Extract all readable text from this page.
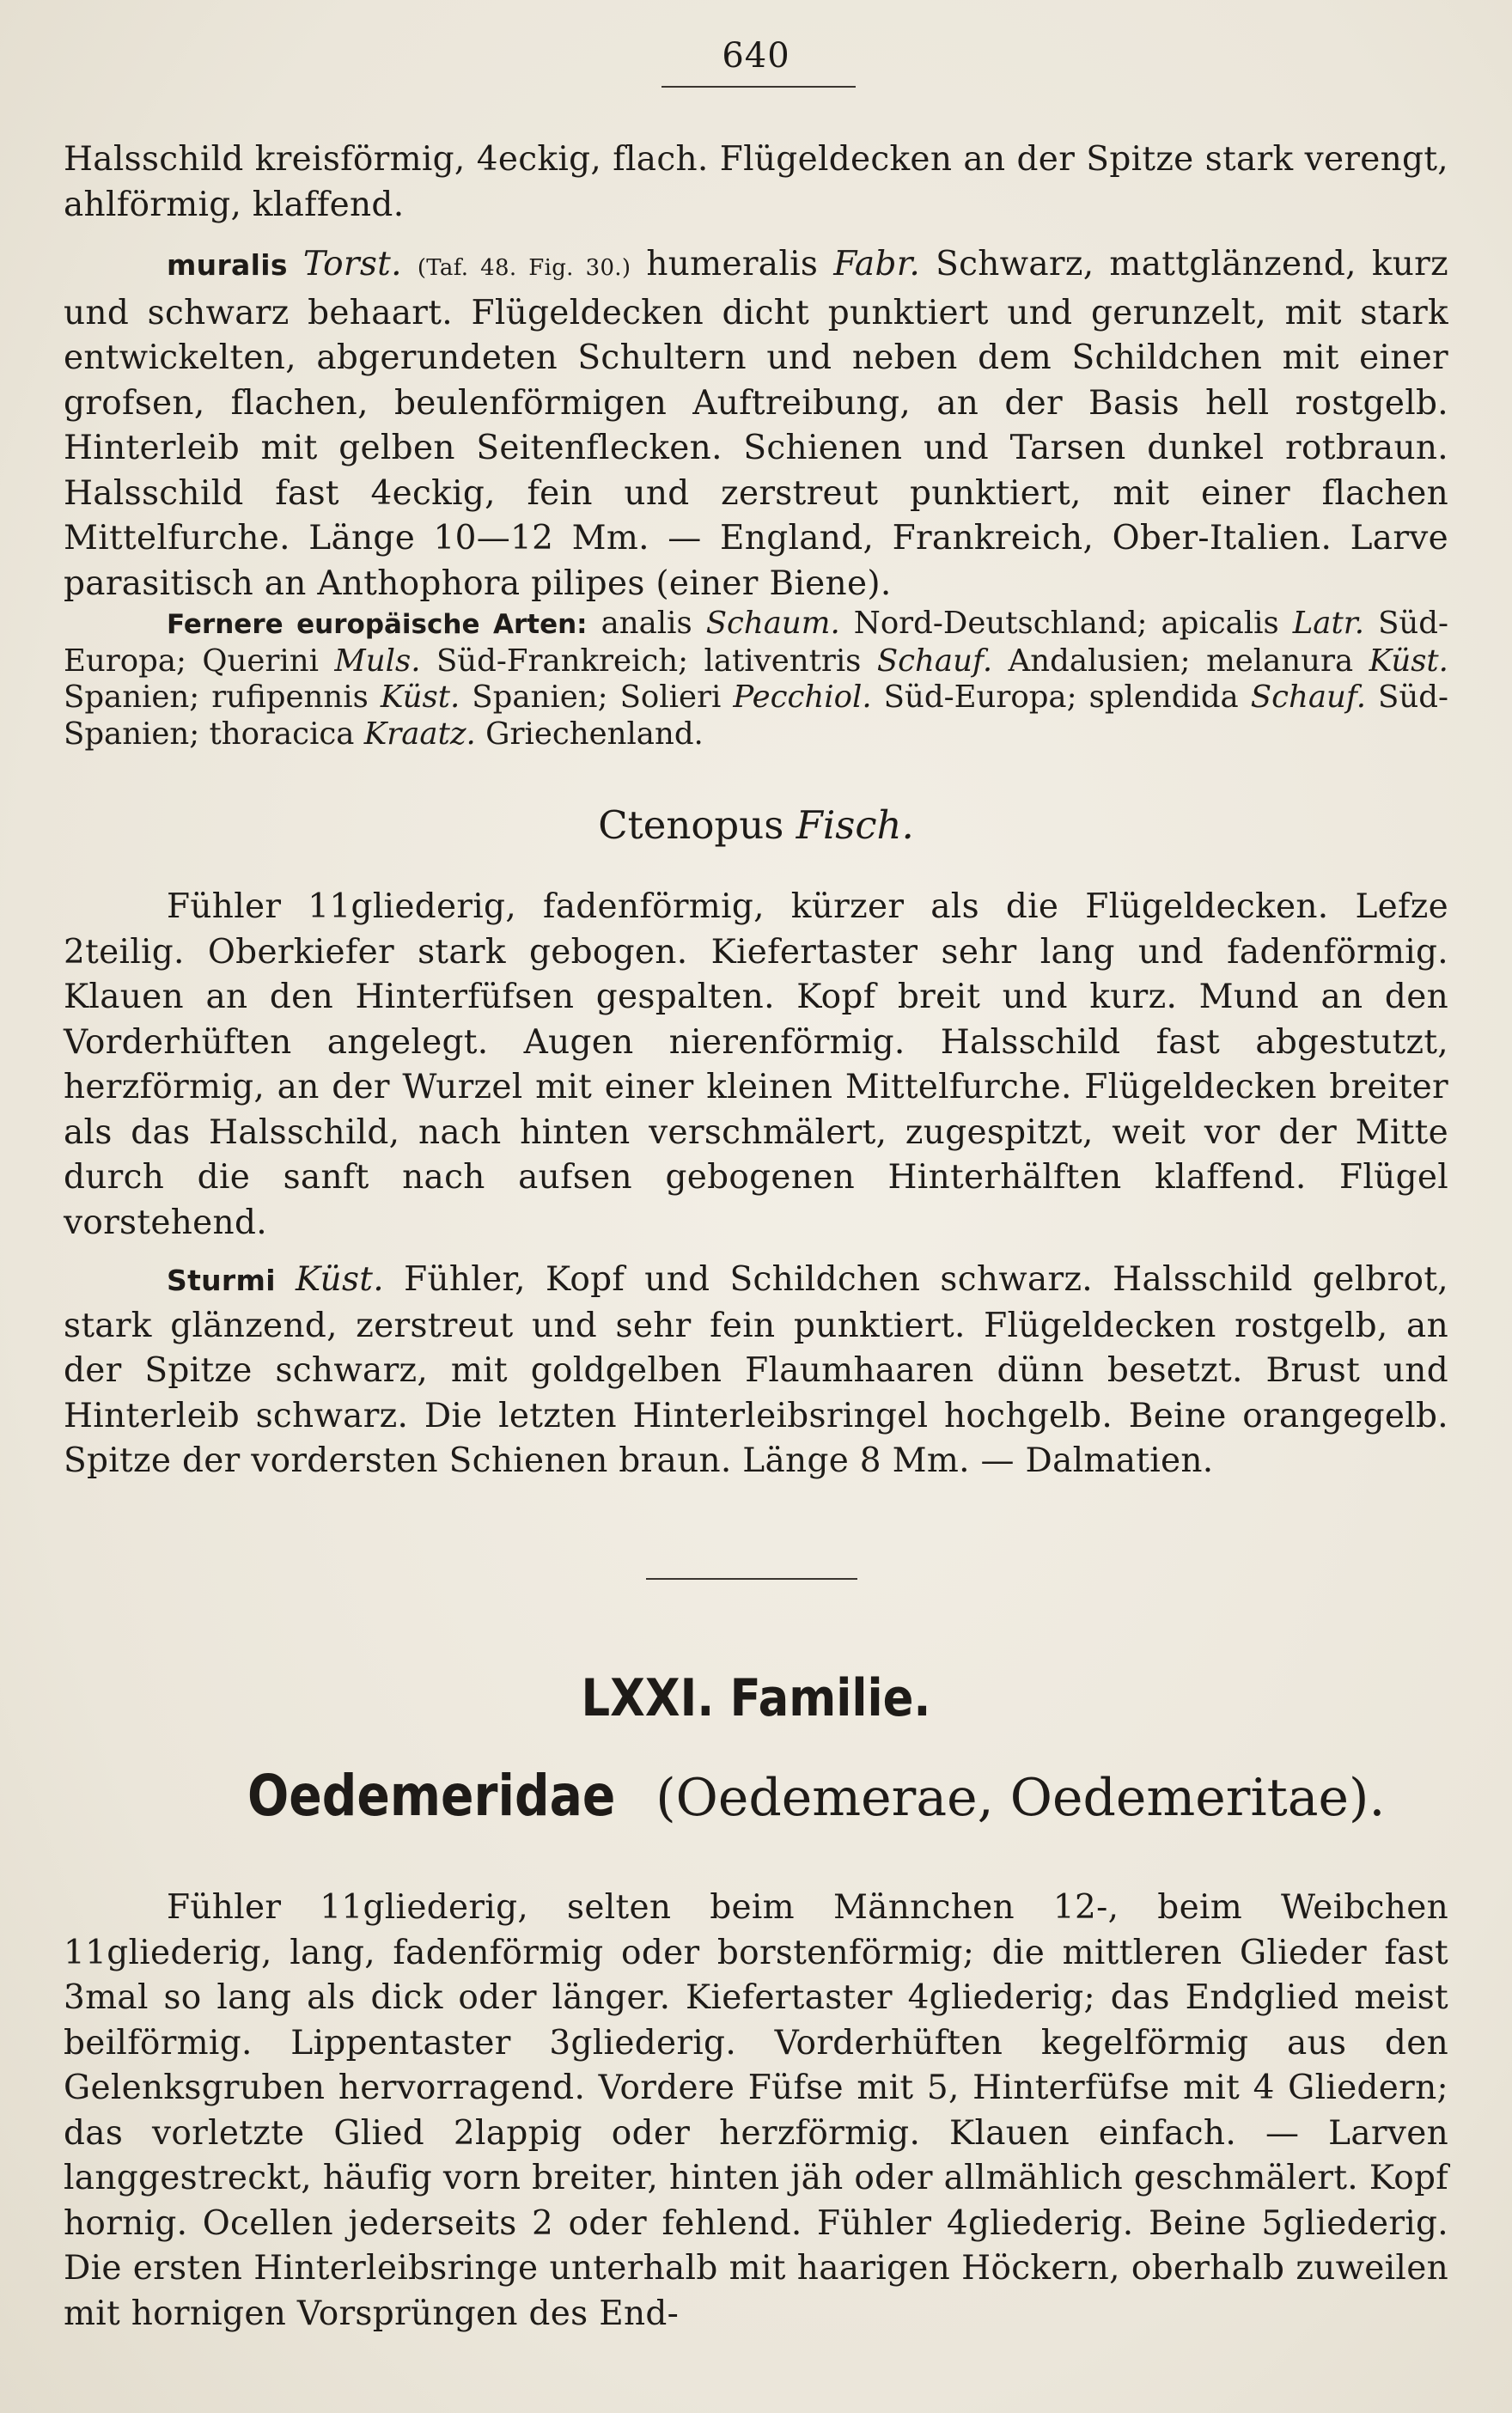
640

Halsschild kreisförmig, 4eckig, flach. Flügeldecken an der Spitze stark verengt, ahlförmig, klaffend.

muralis Torst. (Taf. 48. Fig. 30.) humeralis Fabr. Schwarz, mattglänzend, kurz und schwarz behaart. Flügeldecken dicht punktiert und gerunzelt, mit stark entwickelten, abgerundeten Schultern und neben dem Schildchen mit einer grofsen, flachen, beulenförmigen Auftreibung, an der Basis hell rostgelb. Hinterleib mit gelben Seitenflecken. Schienen und Tarsen dunkel rotbraun. Halsschild fast 4eckig, fein und zerstreut punktiert, mit einer flachen Mittelfurche. Länge 10—12 Mm. — England, Frankreich, Ober-Italien. Larve parasitisch an Anthophora pilipes (einer Biene).

Fernere europäische Arten: analis Schaum. Nord-Deutschland; apicalis Latr. Süd-Europa; Querini Muls. Süd-Frankreich; lativentris Schauf. Andalusien; melanura Küst. Spanien; rufipennis Küst. Spanien; Solieri Pecchiol. Süd-Europa; splendida Schauf. Süd-Spanien; thoracica Kraatz. Griechenland.

Ctenopus Fisch.

Fühler 11gliederig, fadenförmig, kürzer als die Flügeldecken. Lefze 2teilig. Oberkiefer stark gebogen. Kiefertaster sehr lang und fadenförmig. Klauen an den Hinterfüfsen gespalten. Kopf breit und kurz. Mund an den Vorderhüften angelegt. Augen nierenförmig. Halsschild fast abgestutzt, herzförmig, an der Wurzel mit einer kleinen Mittelfurche. Flügeldecken breiter als das Halsschild, nach hinten verschmälert, zugespitzt, weit vor der Mitte durch die sanft nach aufsen gebogenen Hinterhälften klaffend. Flügel vorstehend.

Sturmi Küst. Fühler, Kopf und Schildchen schwarz. Halsschild gelbrot, stark glänzend, zerstreut und sehr fein punktiert. Flügeldecken rostgelb, an der Spitze schwarz, mit goldgelben Flaumhaaren dünn besetzt. Brust und Hinterleib schwarz. Die letzten Hinterleibsringel hochgelb. Beine orangegelb. Spitze der vordersten Schienen braun. Länge 8 Mm. — Dalmatien.

LXXI. Familie.
Oedemeridae (Oedemerae, Oedemeritae).

Fühler 11gliederig, selten beim Männchen 12-, beim Weibchen 11gliederig, lang, fadenförmig oder borstenförmig; die mittleren Glieder fast 3mal so lang als dick oder länger. Kiefertaster 4gliederig; das Endglied meist beilförmig. Lippentaster 3gliederig. Vorderhüften kegelförmig aus den Gelenksgruben hervorragend. Vordere Füfse mit 5, Hinterfüfse mit 4 Gliedern; das vorletzte Glied 2lappig oder herzförmig. Klauen einfach. — Larven langgestreckt, häufig vorn breiter, hinten jäh oder allmählich geschmälert. Kopf hornig. Ocellen jederseits 2 oder fehlend. Fühler 4gliederig. Beine 5gliederig. Die ersten Hinterleibsringe unterhalb mit haarigen Höckern, oberhalb zuweilen mit hornigen Vorsprüngen des End-
